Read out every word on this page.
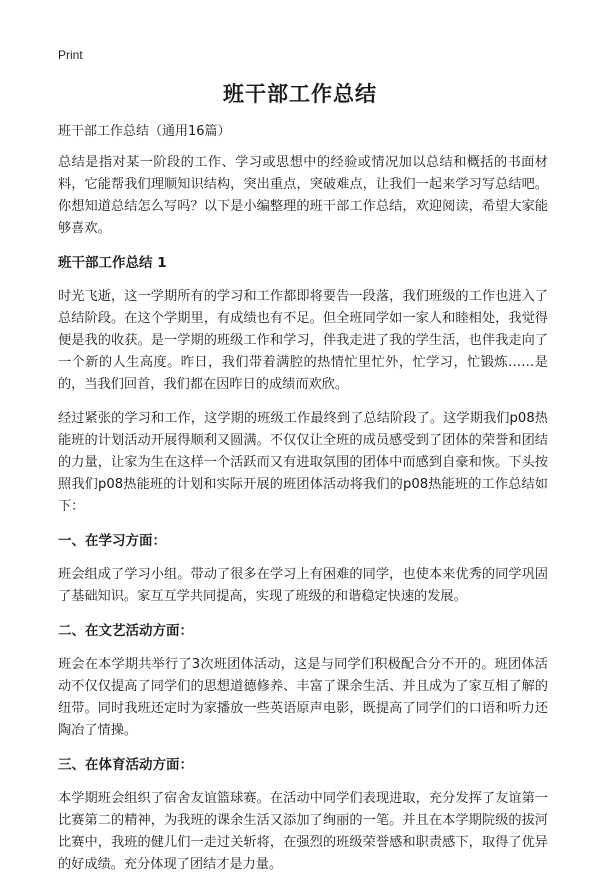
Print
班干部工作总结

班干部工作总结（通用16篇）

总结是指对某一阶段的工作、学习或思想中的经验或情况加以总结和概括的书面材料，它能帮我们理顺知识结构，突出重点，突破难点，让我们一起来学习写总结吧。你想知道总结怎么写吗？以下是小编整理的班干部工作总结，欢迎阅读，希望大家能够喜欢。

班干部工作总结 1

时光飞逝，这一学期所有的学习和工作都即将要告一段落，我们班级的工作也进入了总结阶段。在这个学期里，有成绩也有不足。但全班同学如一家人和睦相处，我觉得便是我的收获。是一学期的班级工作和学习，伴我走进了我的学生活，也伴我走向了一个新的人生高度。昨日，我们带着满腔的热情忙里忙外，忙学习，忙锻炼……是的，当我们回首，我们都在因昨日的成绩而欢欣。

经过紧张的学习和工作，这学期的班级工作最终到了总结阶段了。这学期我们p08热能班的计划活动开展得顺利又圆满。不仅仅让全班的成员感受到了团体的荣誉和团结的力量，让家为生在这样一个活跃而又有进取氛围的团体中而感到自豪和恢。下头按照我们p08热能班的计划和实际开展的班团体活动将我们的p08热能班的工作总结如下：

一、在学习方面：

班会组成了学习小组。带动了很多在学习上有困难的同学，也使本来优秀的同学巩固了基础知识。家互互学共同提高，实现了班级的和谐稳定快速的发展。

二、在文艺活动方面：

班会在本学期共举行了3次班团体活动，这是与同学们积极配合分不开的。班团体活动不仅仅提高了同学们的思想道德修养、丰富了课余生活、并且成为了家互相了解的纽带。同时我班还定时为家播放一些英语原声电影，既提高了同学们的口语和听力还陶冶了情操。

三、在体育活动方面：

本学期班会组织了宿舍友谊篮球赛。在活动中同学们表现进取，充分发挥了友谊第一比赛第二的精神，为我班的课余生活又添加了绚丽的一笔。并且在本学期院级的拔河比赛中，我班的健儿们一走过关斩将，在强烈的班级荣誉感和职责感下，取得了优异的好成绩。充分体现了团结才是力量。
